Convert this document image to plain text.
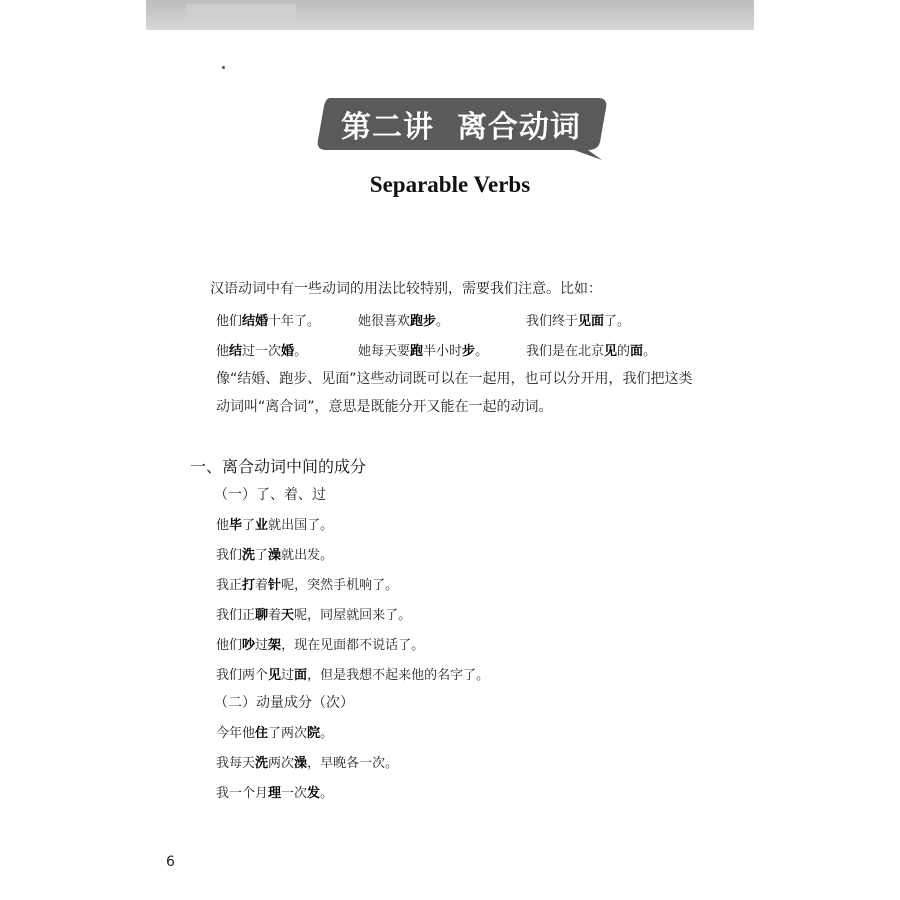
第二讲
离合动词
Separable Verbs
汉语动词中有一些动词的用法比较特别，需要我们注意。比如：
他们结婚十年了。	她很喜欢跑步。	我们终于见面了。
他结过一次婚。	她每天要跑半小时步。	我们是在北京见的面。
像“结婚、跑步、见面”这些动词既可以在一起用，也可以分开用，我们把这类
动词叫“离合词”，意思是既能分开又能在一起的动词。
一、离合动词中间的成分
（一）了、着、过
他毕了业就出国了。
我们洗了澡就出发。
我正打着针呢，突然手机响了。
我们正聊着天呢，同屋就回来了。
他们吵过架，现在见面都不说话了。
我们两个见过面，但是我想不起来他的名字了。
（二）动量成分（次）
今年他住了两次院。
我每天洗两次澡，早晚各一次。
我一个月理一次发。
6
